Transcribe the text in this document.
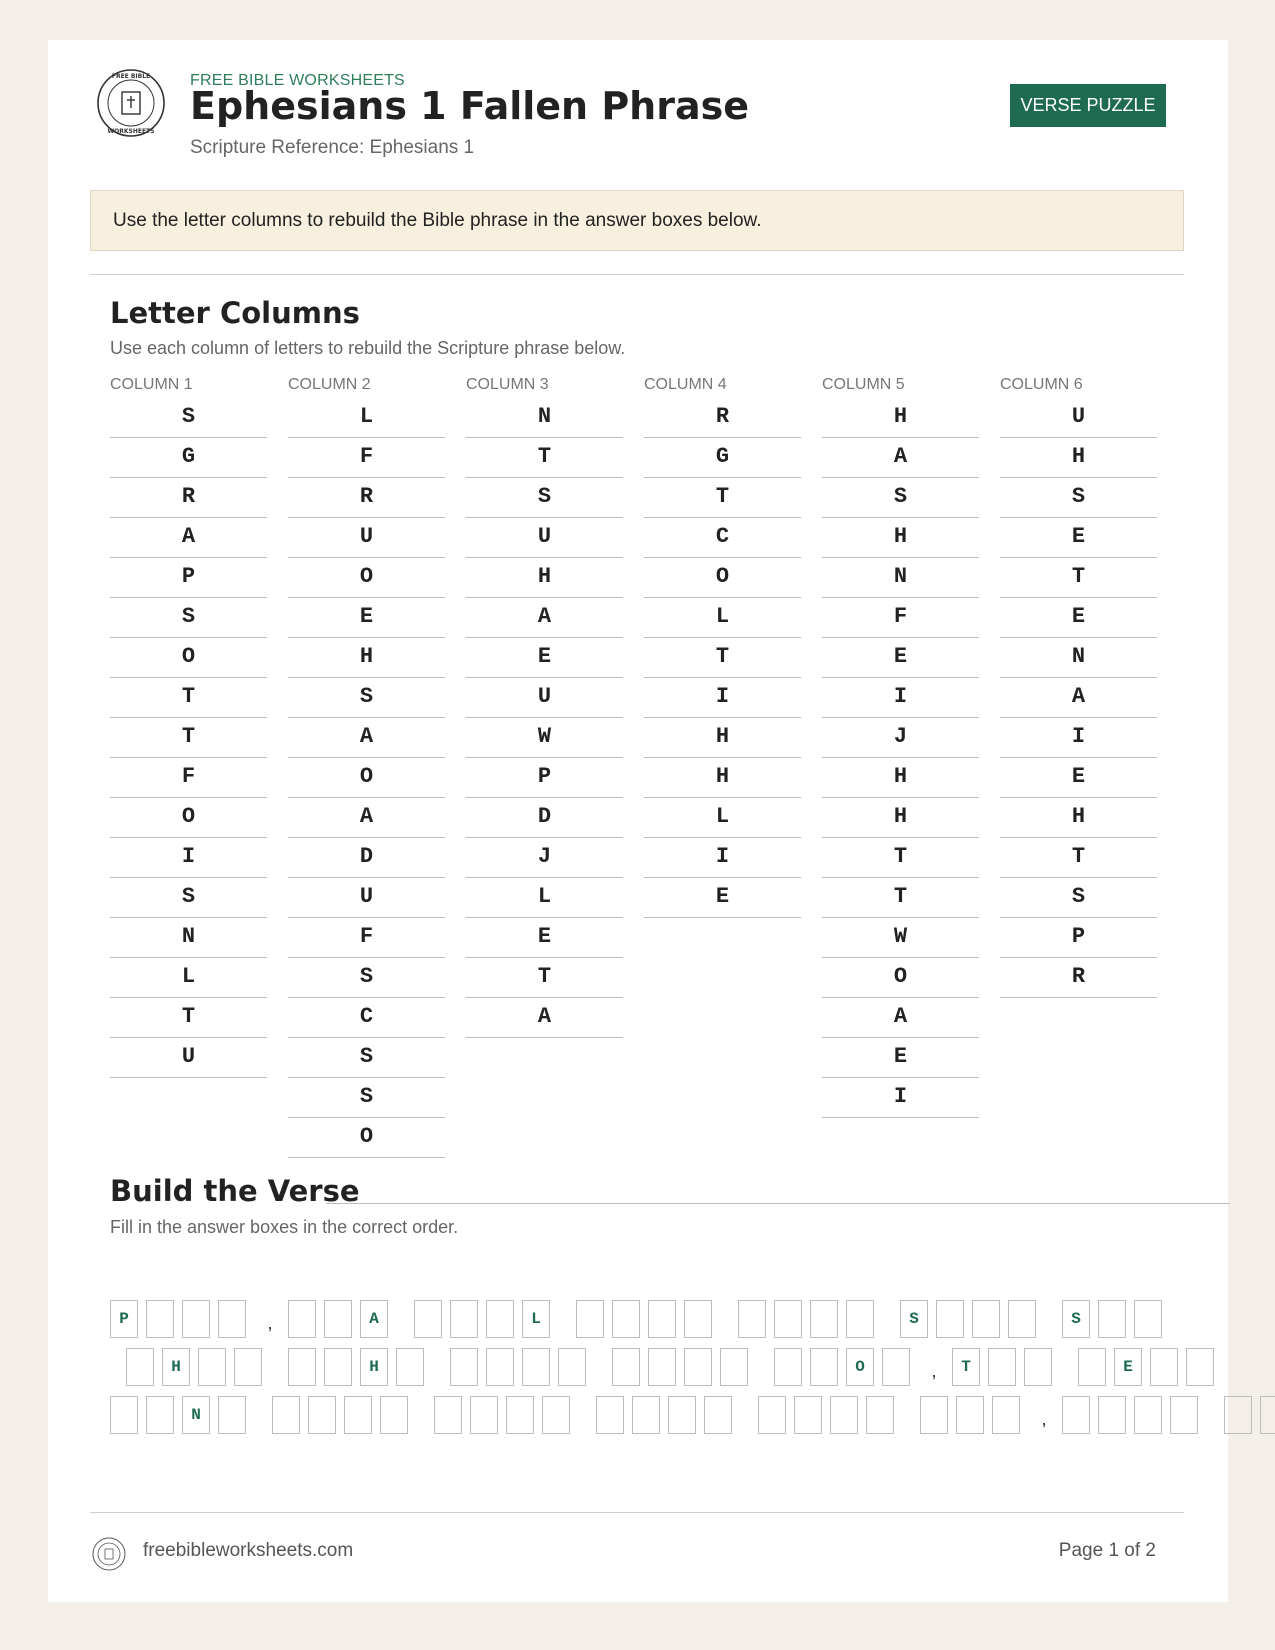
FREE BIBLE
WORKSHEETS
FREE BIBLE WORKSHEETS
Ephesians 1 Fallen Phrase
Scripture Reference: Ephesians 1
VERSE PUZZLE
Use the letter columns to rebuild the Bible phrase in the answer boxes below.
Letter Columns
Use each column of letters to rebuild the Scripture phrase below.
COLUMN 1
S
G
R
A
P
S
O
T
T
F
O
I
S
N
L
T
U
COLUMN 2
L
F
R
U
O
E
H
S
A
O
A
D
U
F
S
C
S
S
O
COLUMN 3
N
T
S
U
H
A
E
U
W
P
D
J
L
E
T
A
COLUMN 4
R
G
T
C
O
L
T
I
H
H
L
I
E
COLUMN 5
H
A
S
H
N
F
E
I
J
H
H
T
T
W
O
A
E
I
COLUMN 6
U
H
S
E
T
E
N
A
I
E
H
T
S
P
R
Build the Verse
Fill in the answer boxes in the correct order.
P	,	A	L	S	S
H	H	O	,	T	E
N	,
freebibleworksheets.com	Page 1 of 2
